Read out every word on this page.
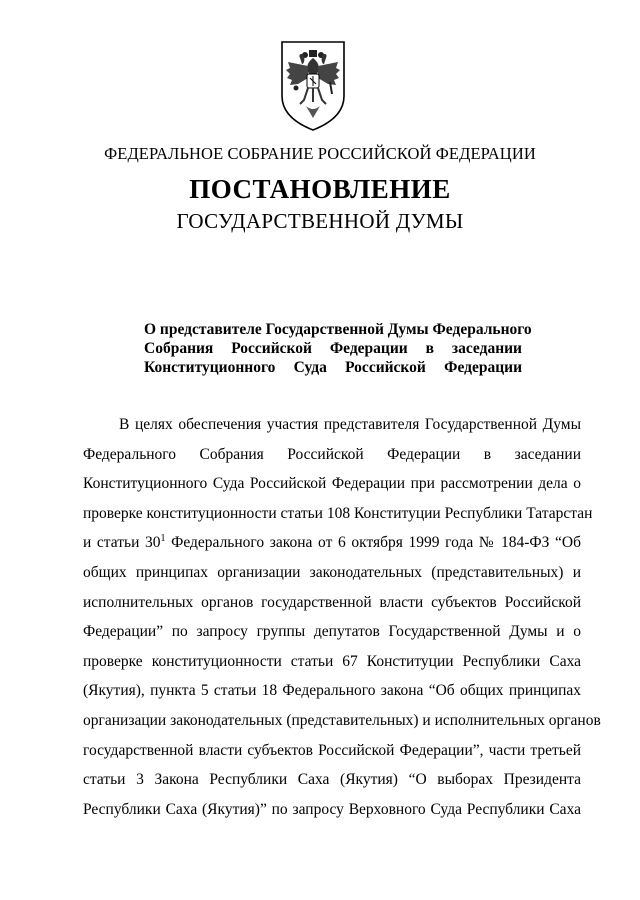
ФЕДЕРАЛЬНОЕ СОБРАНИЕ РОССИЙСКОЙ ФЕДЕРАЦИИ
ПОСТАНОВЛЕНИЕ
ГОСУДАРСТВЕННОЙ ДУМЫ
О представителе Государственной Думы Федерального
Собрания Российской Федерации в заседании
Конституционного Суда Российской Федерации
В целях обеспечения участия представителя Государственной Думы
Федерального Собрания Российской Федерации в заседании
Конституционного Суда Российской Федерации при рассмотрении дела о
проверке конституционности статьи 108 Конституции Республики Татарстан
и статьи $30^1$ Федерального закона от 6 октября 1999 года № 184-ФЗ “Об
общих принципах организации законодательных (представительных) и
исполнительных органов государственной власти субъектов Российской
Федерации” по запросу группы депутатов Государственной Думы и о
проверке конституционности статьи 67 Конституции Республики Саха
(Якутия), пункта 5 статьи 18 Федерального закона “Об общих принципах
организации законодательных (представительных) и исполнительных органов
государственной власти субъектов Российской Федерации”, части третьей
статьи 3 Закона Республики Саха (Якутия) “О выборах Президента
Республики Саха (Якутия)” по запросу Верховного Суда Республики Саха
